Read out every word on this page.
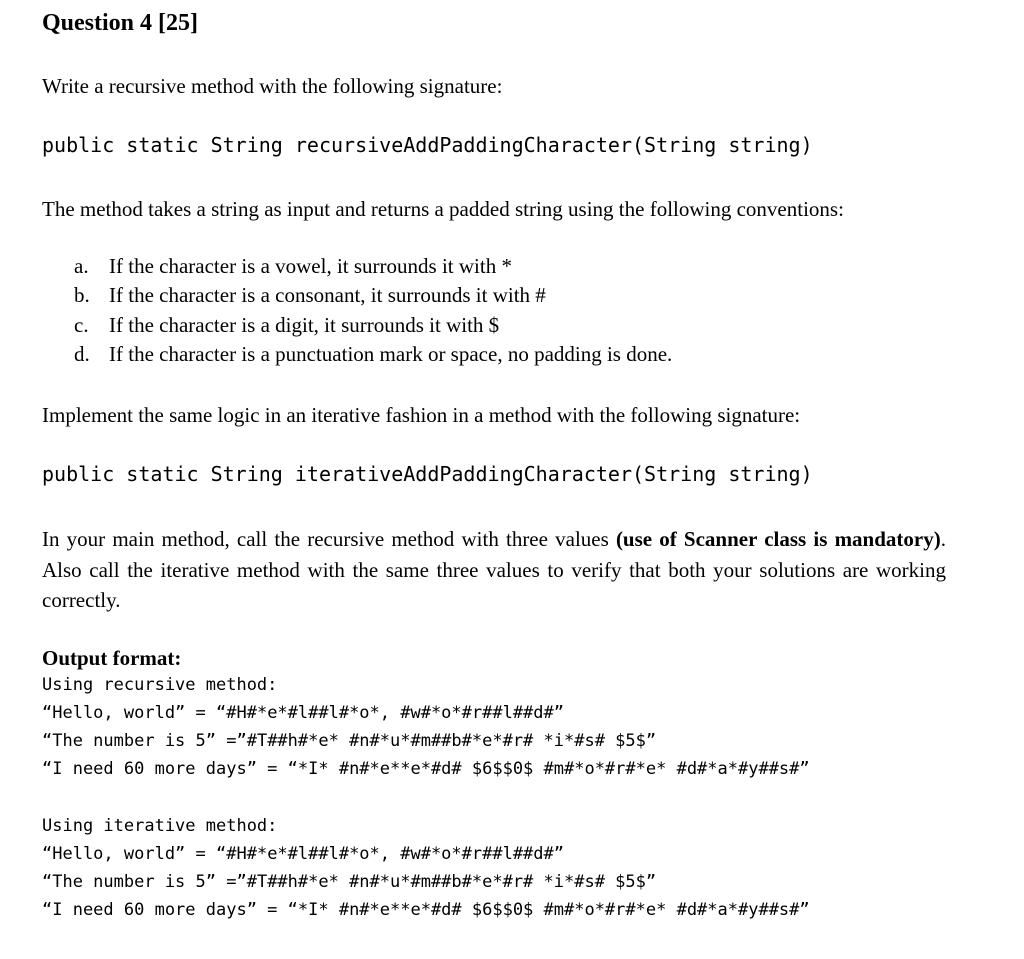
Question 4 [25]
Write a recursive method with the following signature:
public static String recursiveAddPaddingCharacter(String string)
The method takes a string as input and returns a padded string using the following conventions:
a. If the character is a vowel, it surrounds it with *
b. If the character is a consonant, it surrounds it with #
c. If the character is a digit, it surrounds it with $
d. If the character is a punctuation mark or space, no padding is done.
Implement the same logic in an iterative fashion in a method with the following signature:
public static String iterativeAddPaddingCharacter(String string)
In your main method, call the recursive method with three values (use of Scanner class is mandatory). Also call the iterative method with the same three values to verify that both your solutions are working correctly.
Output format:
Using recursive method:
“Hello, world” = “#H#*e*#l##l#*o*, #w#*o*#r##l##d#”
“The number is 5” =”#T##h#*e* #n#*u*#m##b#*e*#r# *i*#s# $5$”
“I need 60 more days” = “*I* #n#*e**e*#d# $6$$0$ #m#*o*#r#*e* #d#*a*#y##s#”
Using iterative method:
“Hello, world” = “#H#*e*#l##l#*o*, #w#*o*#r##l##d#”
“The number is 5” =”#T##h#*e* #n#*u*#m##b#*e*#r# *i*#s# $5$”
“I need 60 more days” = “*I* #n#*e**e*#d# $6$$0$ #m#*o*#r#*e* #d#*a*#y##s#”
